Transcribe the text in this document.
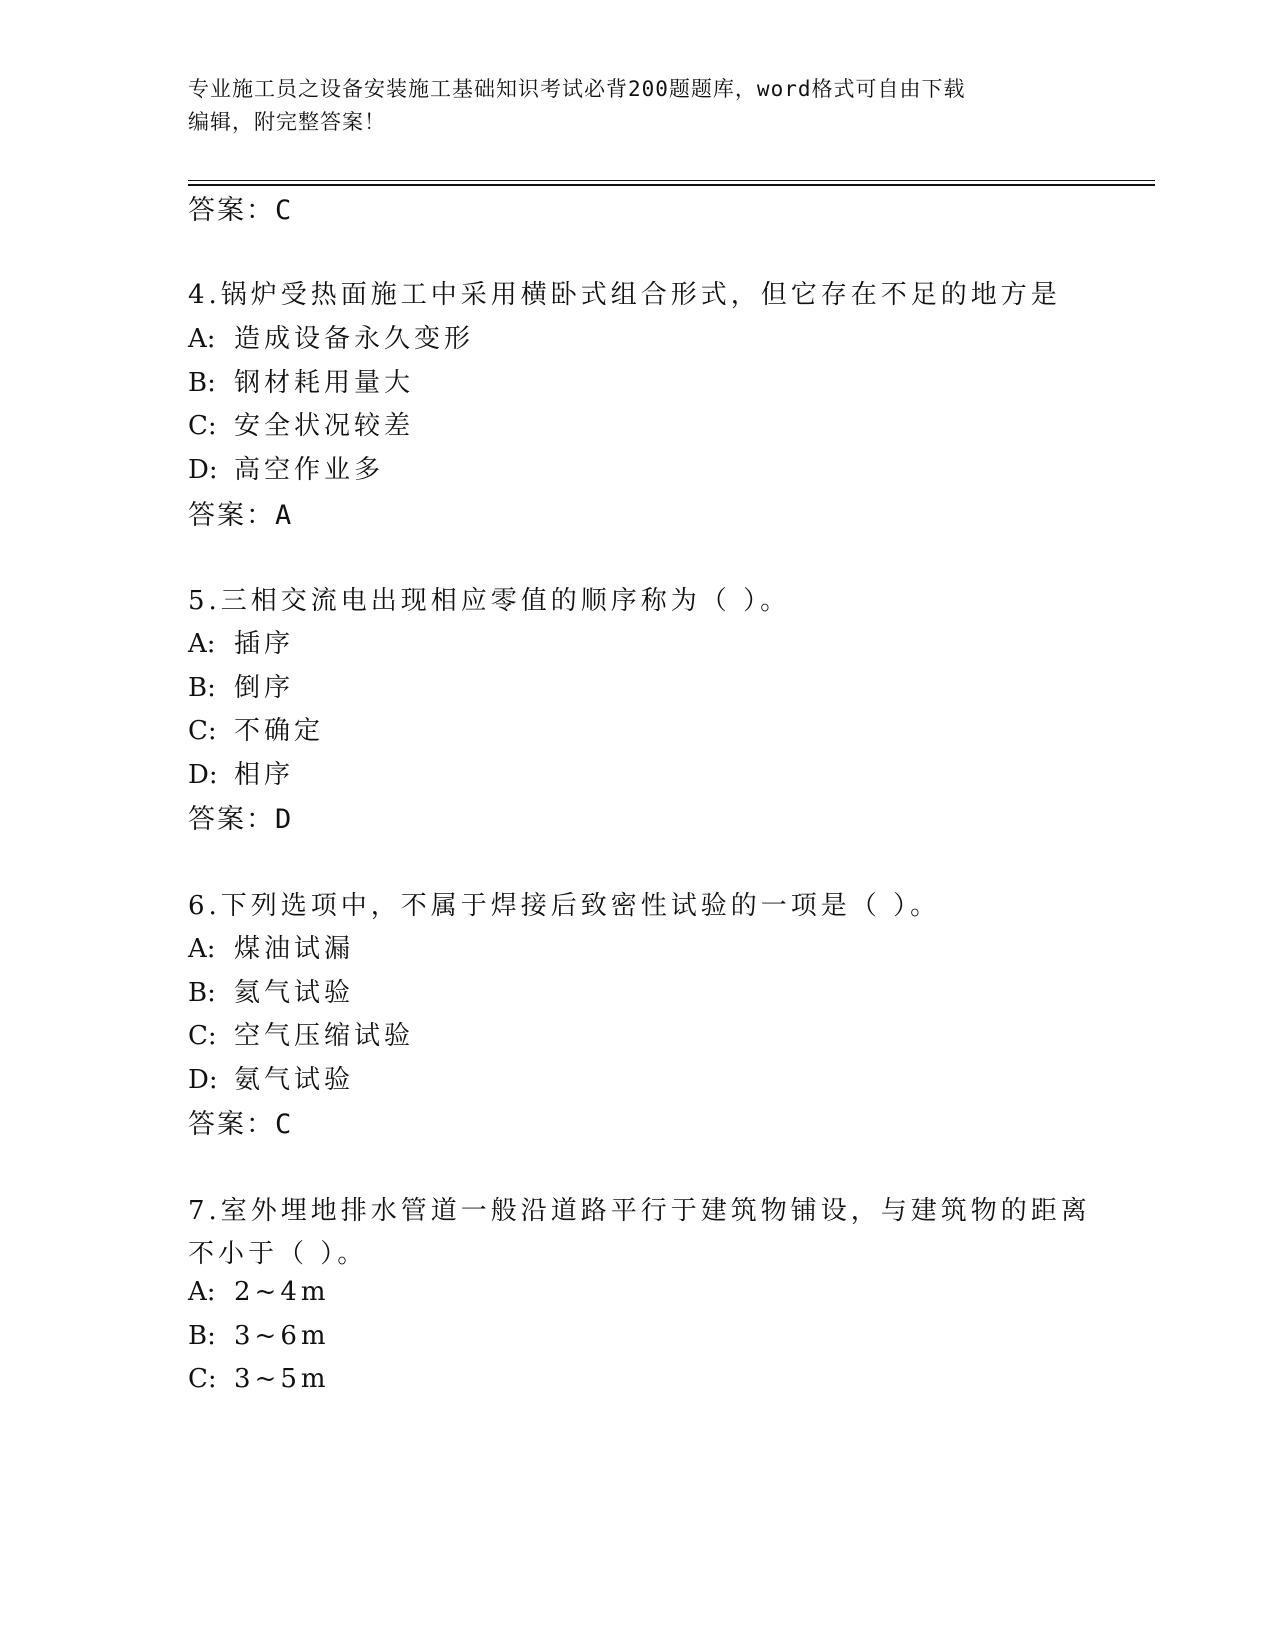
专业施工员之设备安装施工基础知识考试必背200题题库，word格式可自由下载
编辑，附完整答案！
答案：C
4.锅炉受热面施工中采用横卧式组合形式，但它存在不足的地方是
A: 造成设备永久变形
B: 钢材耗用量大
C: 安全状况较差
D: 高空作业多
答案：A
5.三相交流电出现相应零值的顺序称为（ ）。
A: 插序
B: 倒序
C: 不确定
D: 相序
答案：D
6.下列选项中，不属于焊接后致密性试验的一项是（ ）。
A: 煤油试漏
B: 氦气试验
C: 空气压缩试验
D: 氨气试验
答案：C
7.室外埋地排水管道一般沿道路平行于建筑物铺设，与建筑物的距离
不小于（ ）。
A: 2~4m
B: 3~6m
C: 3~5m
